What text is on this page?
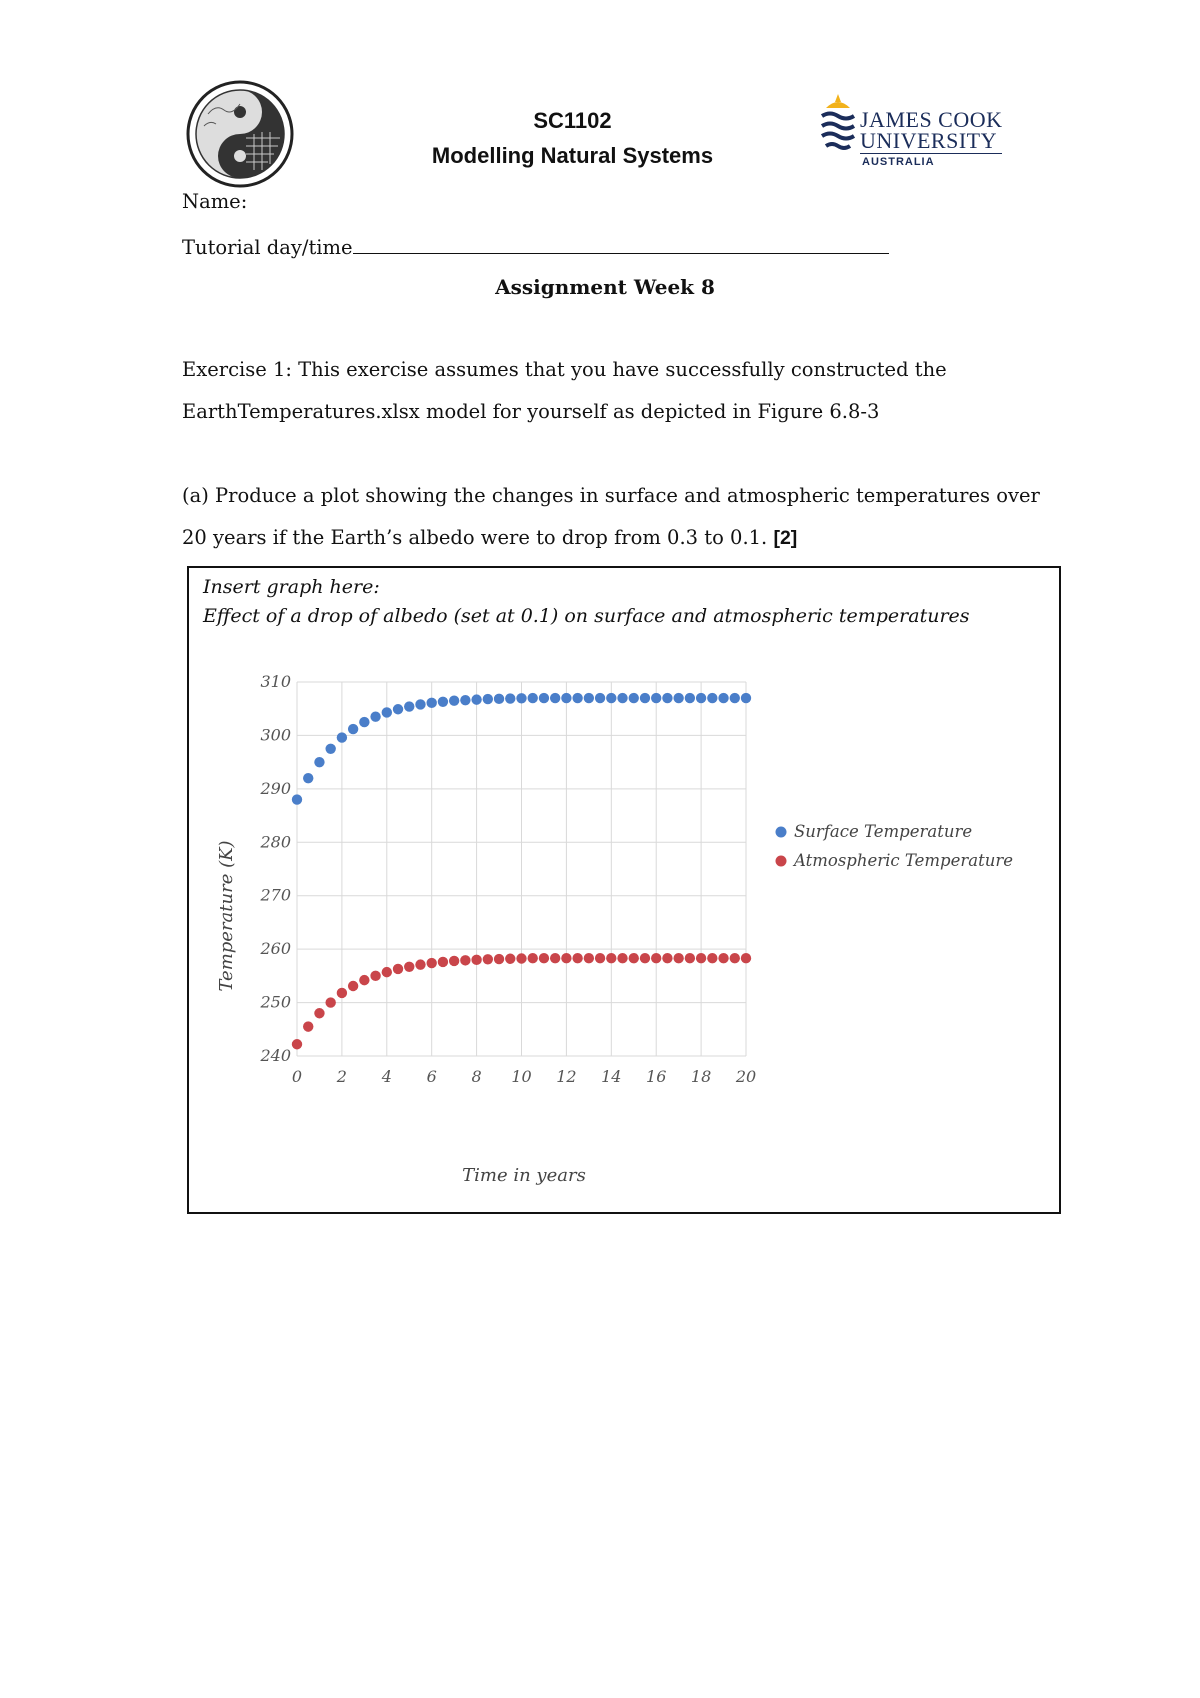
SC1102
Modelling Natural Systems
JAMES COOK
UNIVERSITY
AUSTRALIA
Name:
Tutorial day/time
Assignment Week 8
Exercise 1: This exercise assumes that you have successfully constructed the
EarthTemperatures.xlsx model for yourself as depicted in Figure 6.8-3
(a) Produce a plot showing the changes in surface and atmospheric temperatures over
20 years if the Earth’s albedo were to drop from 0.3 to 0.1. [2]
Insert graph here:
Effect of a drop of albedo (set at 0.1) on surface and atmospheric temperatures
240
250
260
270
280
290
300
310
0 2 4 6 8 10 12 14 16 18 20
Temperature (K)
Time in years
Surface Temperature
Atmospheric Temperature
